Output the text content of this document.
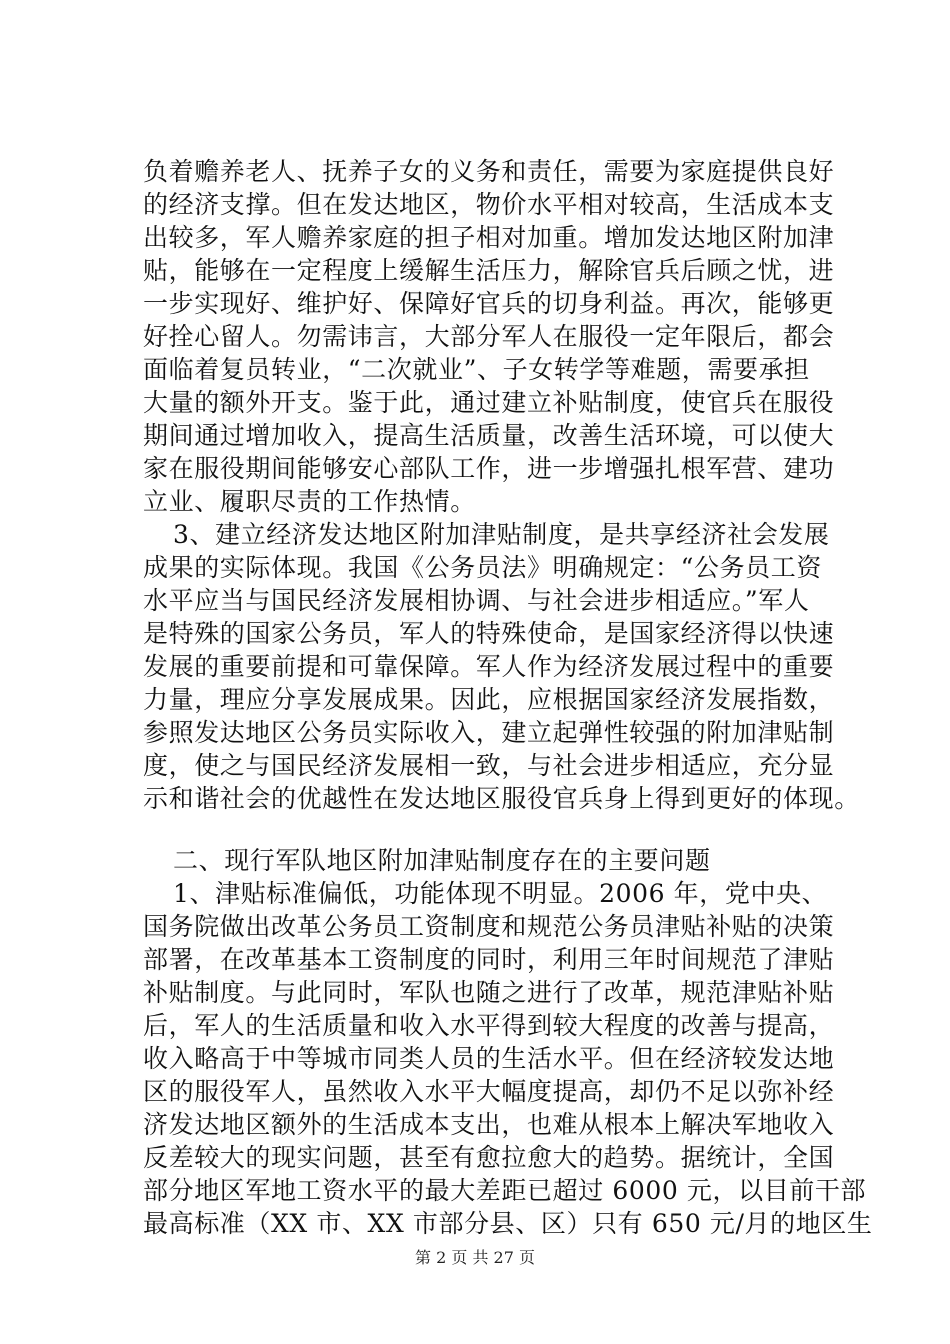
负着赡养老人、抚养子女的义务和责任，需要为家庭提供良好
的经济支撑。但在发达地区，物价水平相对较高，生活成本支
出较多，军人赡养家庭的担子相对加重。增加发达地区附加津
贴，能够在一定程度上缓解生活压力，解除官兵后顾之忧，进
一步实现好、维护好、保障好官兵的切身利益。再次，能够更
好拴心留人。勿需讳言，大部分军人在服役一定年限后，都会
面临着复员转业，“二次就业”、子女转学等难题，需要承担
大量的额外开支。鉴于此，通过建立补贴制度，使官兵在服役
期间通过增加收入，提高生活质量，改善生活环境，可以使大
家在服役期间能够安心部队工作，进一步增强扎根军营、建功
立业、履职尽责的工作热情。
3、建立经济发达地区附加津贴制度，是共享经济社会发展
成果的实际体现。我国《公务员法》明确规定：“公务员工资
水平应当与国民经济发展相协调、与社会进步相适应。”军人
是特殊的国家公务员，军人的特殊使命，是国家经济得以快速
发展的重要前提和可靠保障。军人作为经济发展过程中的重要
力量，理应分享发展成果。因此，应根据国家经济发展指数，
参照发达地区公务员实际收入，建立起弹性较强的附加津贴制
度，使之与国民经济发展相一致，与社会进步相适应，充分显
示和谐社会的优越性在发达地区服役官兵身上得到更好的体现。
二、现行军队地区附加津贴制度存在的主要问题
1、津贴标准偏低，功能体现不明显。2006 年，党中央、
国务院做出改革公务员工资制度和规范公务员津贴补贴的决策
部署，在改革基本工资制度的同时，利用三年时间规范了津贴
补贴制度。与此同时，军队也随之进行了改革，规范津贴补贴
后，军人的生活质量和收入水平得到较大程度的改善与提高，
收入略高于中等城市同类人员的生活水平。但在经济较发达地
区的服役军人，虽然收入水平大幅度提高，却仍不足以弥补经
济发达地区额外的生活成本支出，也难从根本上解决军地收入
反差较大的现实问题，甚至有愈拉愈大的趋势。据统计，全国
部分地区军地工资水平的最大差距已超过 6000 元，以目前干部
最高标准（XX 市、XX 市部分县、区）只有 650 元/月的地区生
第 2 页 共 27 页
